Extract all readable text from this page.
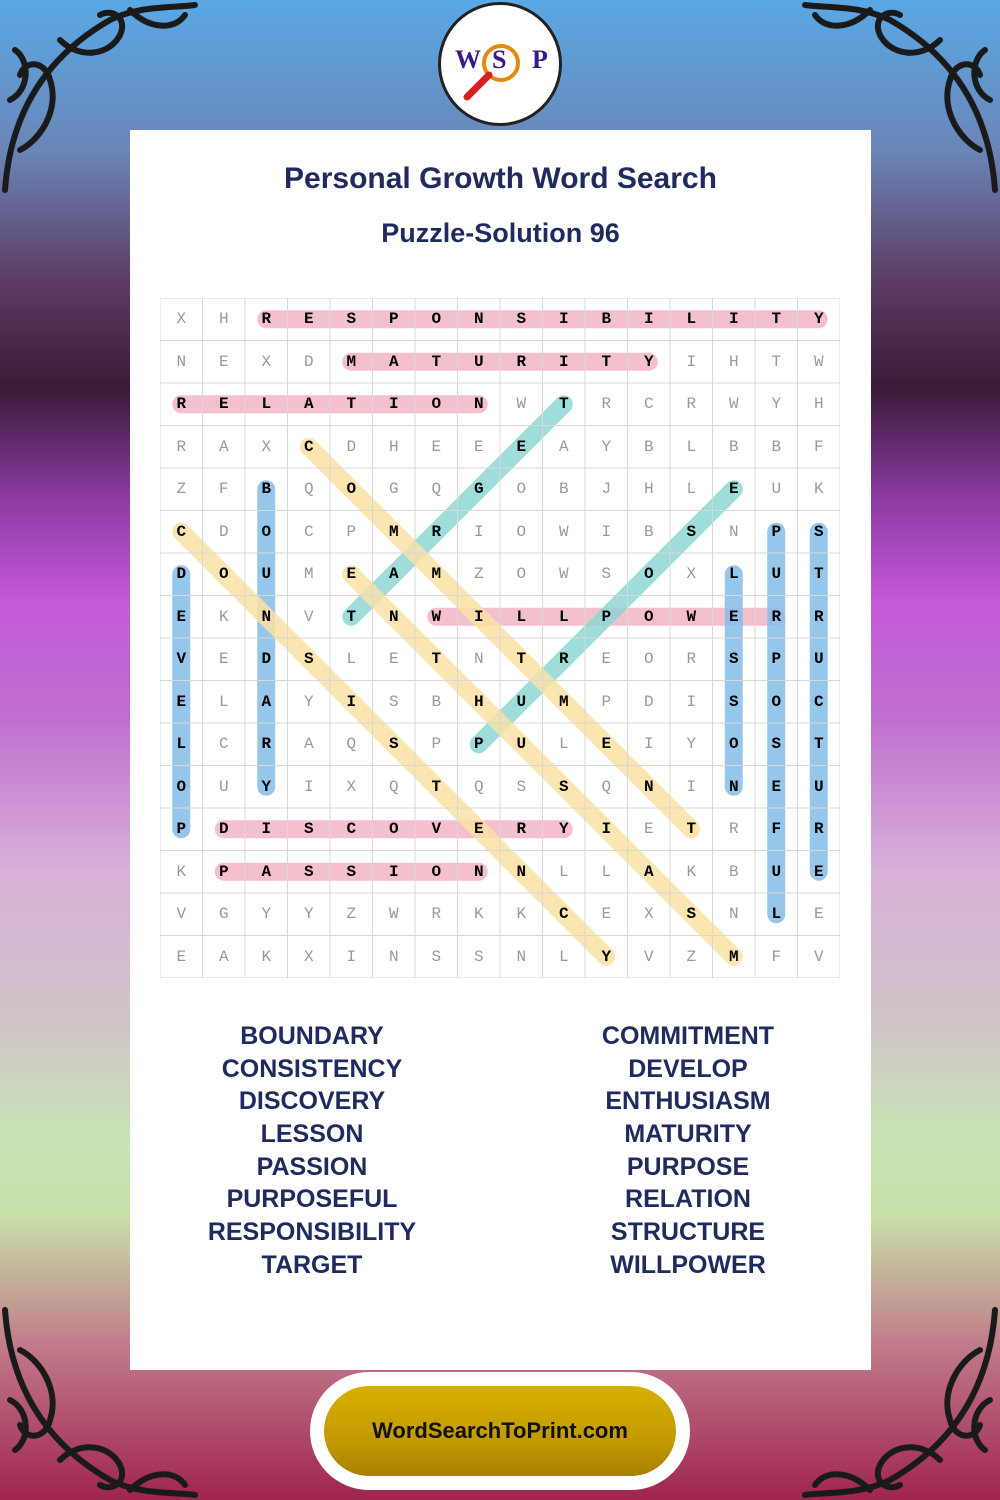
W S P
Personal Growth Word Search
Puzzle-Solution 96
X	H	R	E	S	P	O	N	S	I	B	I	L	I	T	Y
N	E	X	D	M	A	T	U	R	I	T	Y	I	H	T	W
R	E	L	A	T	I	O	N	W	T	R	C	R	W	Y	H
R	A	X	C	D	H	E	E	E	A	Y	B	L	B	B	F
Z	F	B	Q	O	G	Q	G	O	B	J	H	L	E	U	K
C	D	O	C	P	M	R	I	O	W	I	B	S	N	P	S
D	O	U	M	E	A	M	Z	O	W	S	O	X	L	U	T
E	K	N	V	T	N	W	I	L	L	P	O	W	E	R	R
V	E	D	S	L	E	T	N	T	R	E	O	R	S	P	U
E	L	A	Y	I	S	B	H	U	M	P	D	I	S	O	C
L	C	R	A	Q	S	P	P	U	L	E	I	Y	O	S	T
O	U	Y	I	X	Q	T	Q	S	S	Q	N	I	N	E	U
P	D	I	S	C	O	V	E	R	Y	I	E	T	R	F	R
K	P	A	S	S	I	O	N	N	L	L	A	K	B	U	E
V	G	Y	Y	Z	W	R	K	K	C	E	X	S	N	L	E
E	A	K	X	I	N	S	S	N	L	Y	V	Z	M	F	V
BOUNDARY
CONSISTENCY
DISCOVERY
LESSON
PASSION
PURPOSEFUL
RESPONSIBILITY
TARGET
COMMITMENT
DEVELOP
ENTHUSIASM
MATURITY
PURPOSE
RELATION
STRUCTURE
WILLPOWER
WordSearchToPrint.com
